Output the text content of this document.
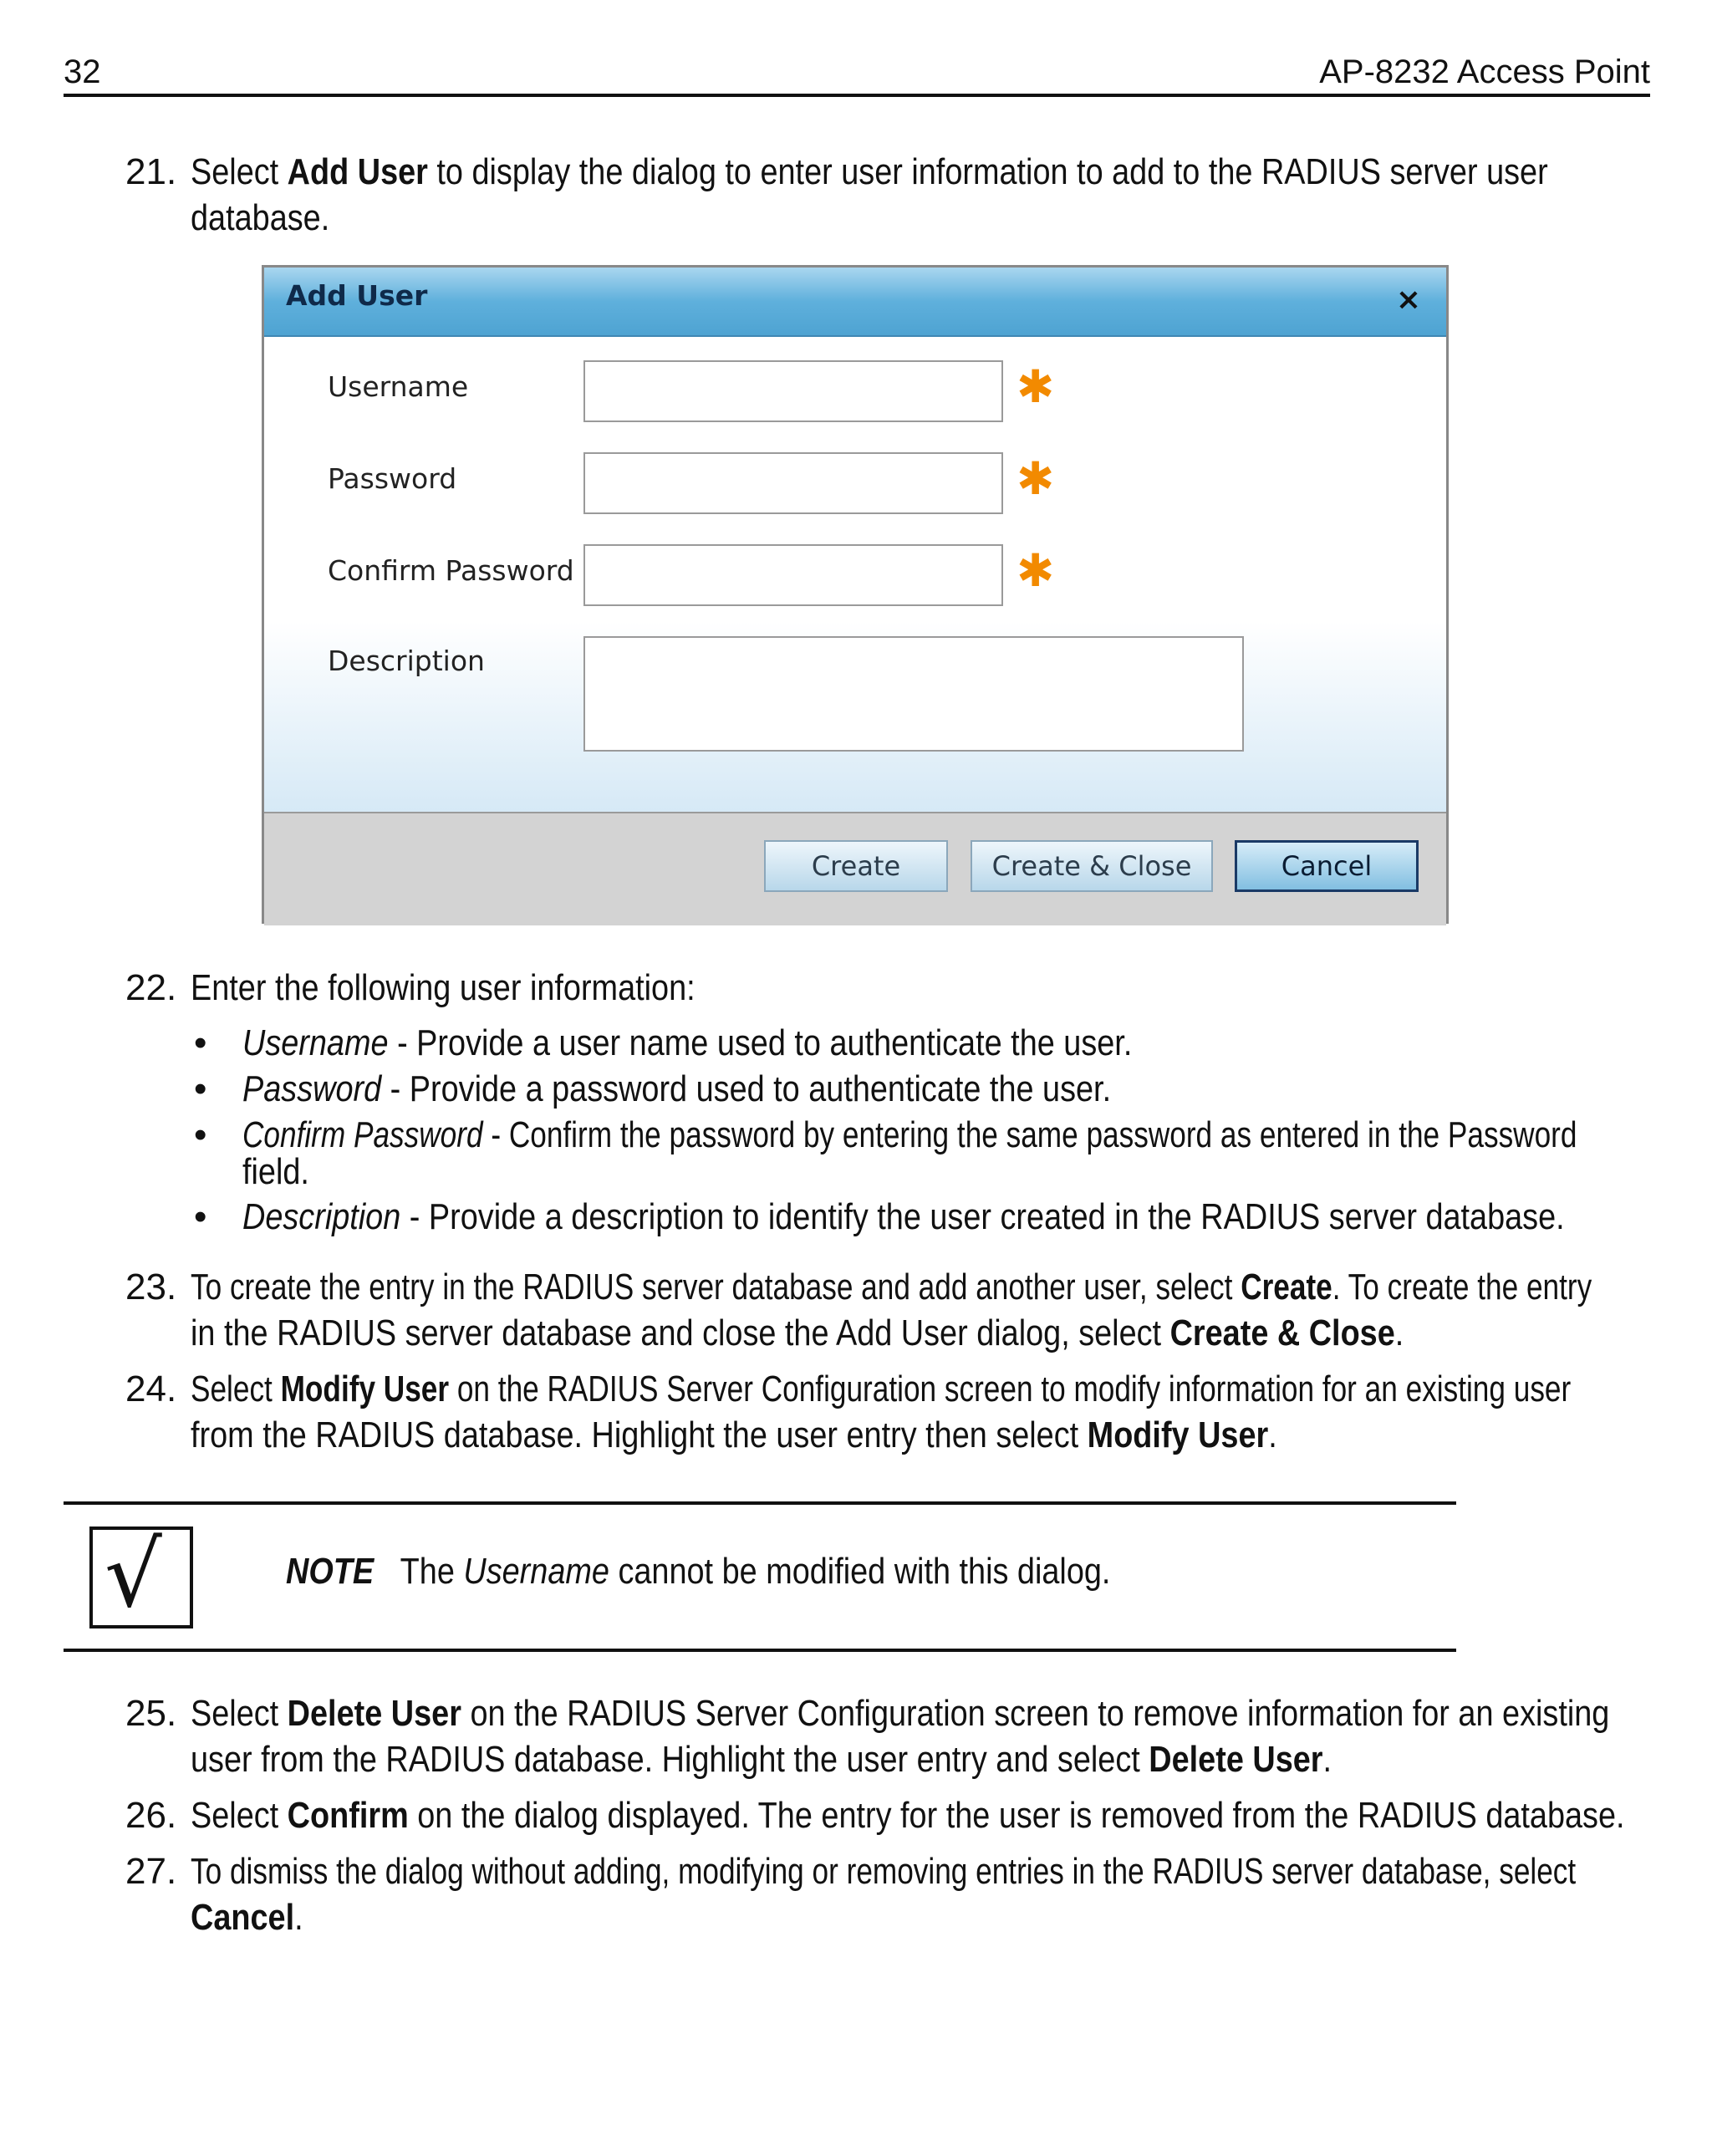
32	AP-8232 Access Point
21. Select Add User to display the dialog to enter user information to add to the RADIUS server user
database.
Add User	×
Username	✱
Password	✱
Confirm Password	✱
Description
Create	Create & Close	Cancel
22. Enter the following user information:
• Username - Provide a user name used to authenticate the user.
• Password - Provide a password used to authenticate the user.
• Confirm Password - Confirm the password by entering the same password as entered in the Password
field.
• Description - Provide a description to identify the user created in the RADIUS server database.
23. To create the entry in the RADIUS server database and add another user, select Create. To create the entry
in the RADIUS server database and close the Add User dialog, select Create & Close.
24. Select Modify User on the RADIUS Server Configuration screen to modify information for an existing user
from the RADIUS database. Highlight the user entry then select Modify User.
√	NOTE The Username cannot be modified with this dialog.
25. Select Delete User on the RADIUS Server Configuration screen to remove information for an existing
user from the RADIUS database. Highlight the user entry and select Delete User.
26. Select Confirm on the dialog displayed. The entry for the user is removed from the RADIUS database.
27. To dismiss the dialog without adding, modifying or removing entries in the RADIUS server database, select
Cancel.
